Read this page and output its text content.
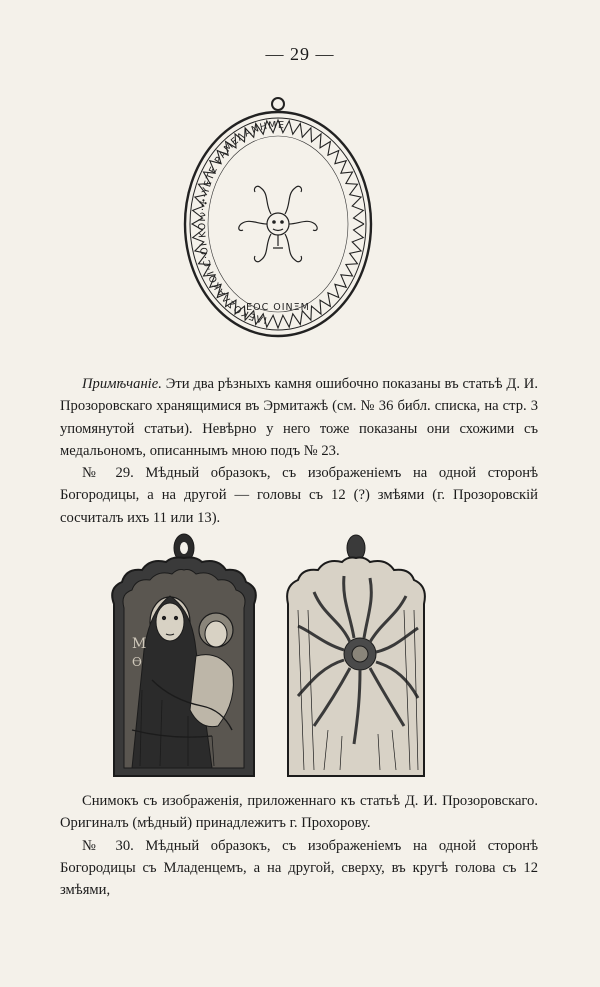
— 29 —
ΙΛΕΚΟΣΛΑΚΟΙ·Ϲ·ΟΙ ΚΟΙν·✣·ΥΕΤΕ ΡΑΜΕΛΑΝΗΜΕ
ΕΟϹ ΟΙΝΞΜ

Примѣчаніе. Эти два рѣзныхъ камня ошибочно показаны въ статьѣ Д. И. Прозоровскаго хранящимися въ Эрмитажѣ (см. № 36 библ. списка, на стр. 3 упомянутой статьи). Невѣрно у него тоже показаны они схожими съ медальономъ, описаннымъ мною подъ № 23.

№ 29. Мѣдный образокъ, съ изображеніемъ на одной сторонѣ Богородицы, а на другой — головы съ 12 (?) змѣями (г. Прозоровскій сосчиталъ ихъ 11 или 13).

М
Ѳ

Снимокъ съ изображенія, приложеннаго къ статьѣ Д. И. Прозоровскаго. Оригиналъ (мѣдный) принадлежитъ г. Прохорову.

№ 30. Мѣдный образокъ, съ изображеніемъ на одной сторонѣ Богородицы съ Младенцемъ, а на другой, сверху, въ кругѣ голова съ 12 змѣями,
